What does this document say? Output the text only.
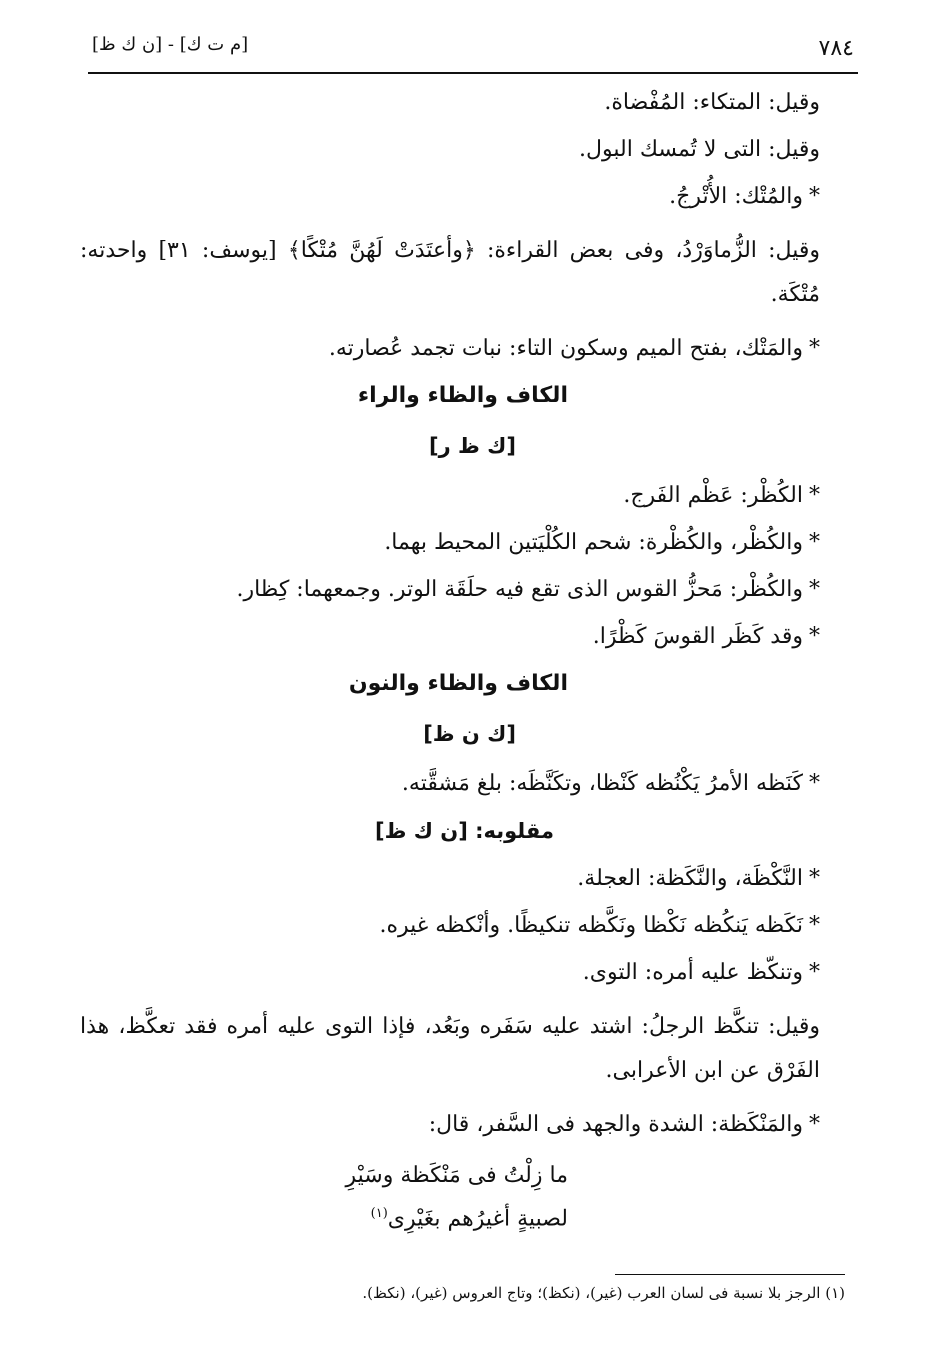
٧٨٤
[م ت ك] - [ن ك ظ]
وقيل: المتكاء: المُفْضاة.
وقيل: التى لا تُمسك البول.
*والمُتْك: الأُتْرجُ.
وقيل: الزُّماوَرْدُ، وفى بعض القراءة: ﴿وأعتَدَتْ لَهُنَّ مُتْكًا﴾ [يوسف: ٣١] واحدته: مُتْكَة.
*والمَتْك، بفتح الميم وسكون التاء: نبات تجمد عُصارته.
الكاف والظاء والراء
[ك ظ ر]
*الكُظْر: عَظْم الفَرج.
*والكُظْر، والكُظْرة: شحم الكُلْيَتين المحيط بهما.
*والكُظْر: مَحزُّ القوس الذى تقع فيه حلَقَة الوتر. وجمعهما: كِظار.
*وقد كَظَر القوسَ كَظْرًا.
الكاف والظاء والنون
[ك ن ظ]
*كَنَظه الأمرُ يَكْنُظه كَنْظا، وتكَنَّظَه: بلغ مَشقَّته.
مقلوبه: [ن ك ظ]
*النَّكْظَة، والنَّكَظة: العجلة.
*نَكَظه يَنكُظه نَكْظا ونَكَّظه تنكيظًا. وأنْكظه غيره.
*وتنكّظ عليه أمره: التوى.
وقيل: تنكَّظ الرجلُ: اشتد عليه سَفَره وبَعُد، فإذا التوى عليه أمره فقد تعكَّظ، هذا الفَرْق عن ابن الأعرابى.
*والمَنْكَظة: الشدة والجهد فى السَّفر، قال:
ما زِلْتُ فى مَنْكَظة وسَيْرِ
لصبيةٍ أغيرُهم بغَيْرِى$^{(١)}$
(١) الرجز بلا نسبة فى لسان العرب (غير)، (نكظ)؛ وتاج العروس (غير)، (نكظ).
